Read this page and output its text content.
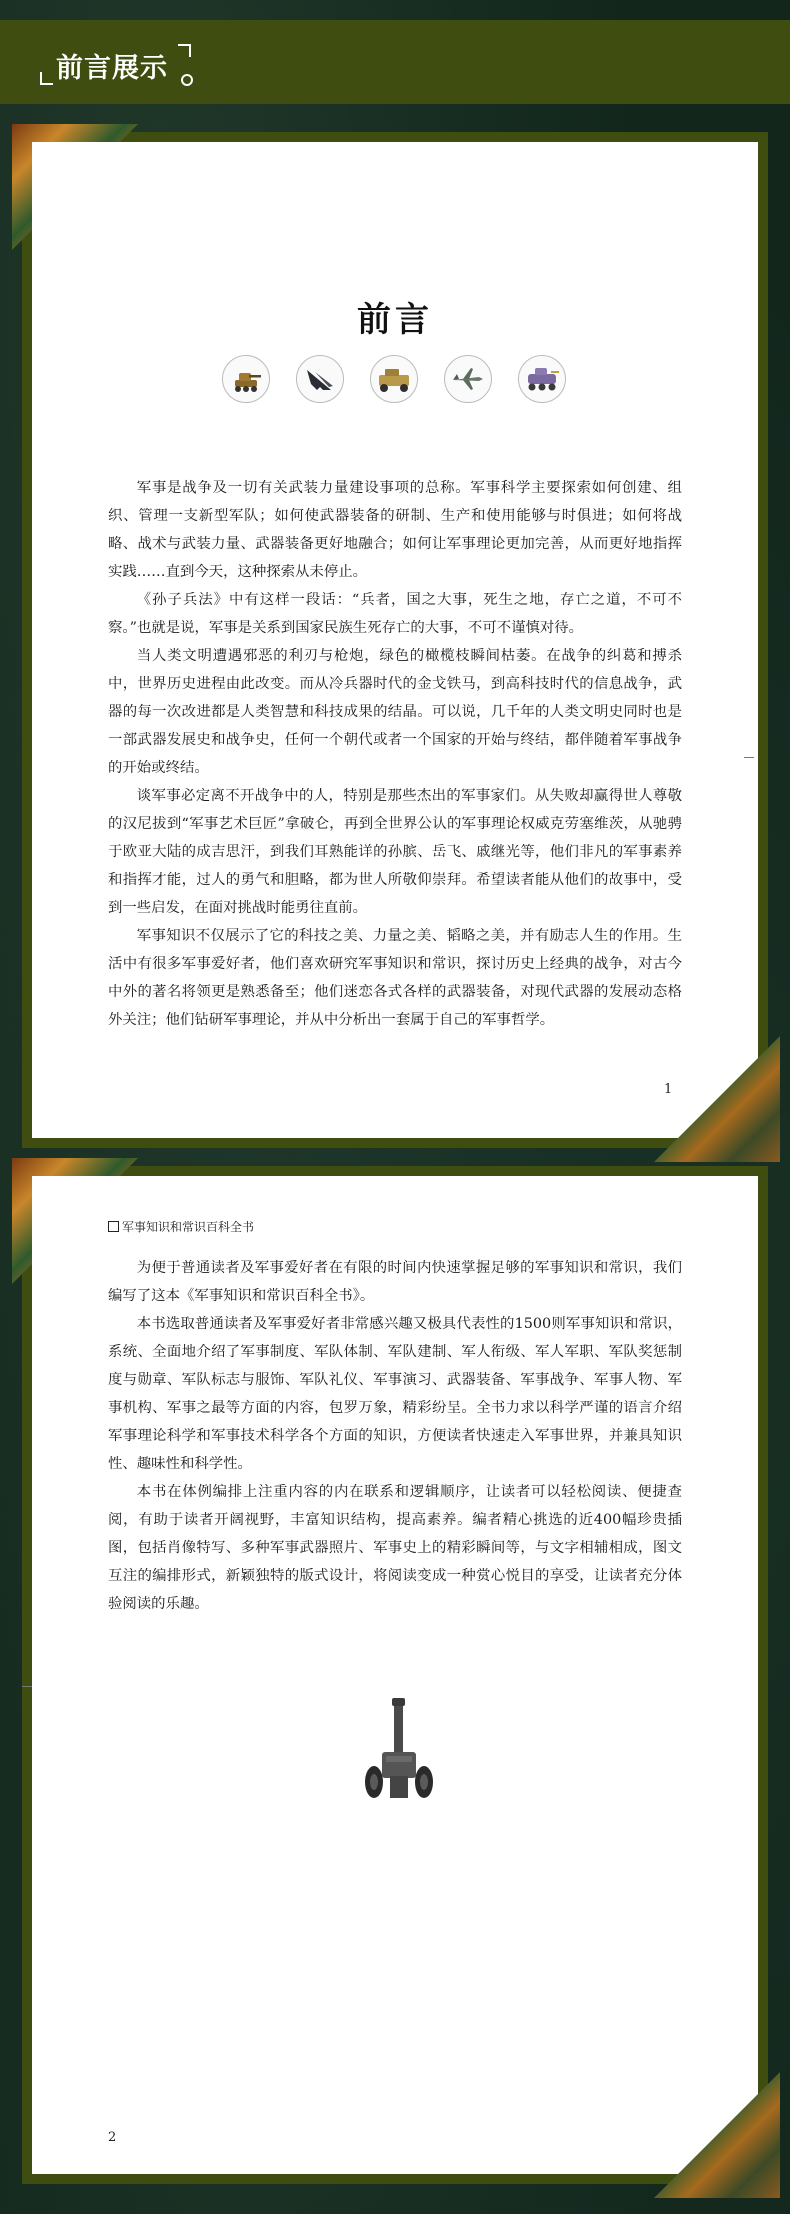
前言展示
前言

军事是战争及一切有关武装力量建设事项的总称。军事科学主要探索如何创建、组织、管理一支新型军队；如何使武器装备的研制、生产和使用能够与时俱进；如何将战略、战术与武装力量、武器装备更好地融合；如何让军事理论更加完善，从而更好地指挥实践……直到今天，这种探索从未停止。

《孙子兵法》中有这样一段话：“兵者，国之大事，死生之地，存亡之道，不可不察。”也就是说，军事是关系到国家民族生死存亡的大事，不可不谨慎对待。

当人类文明遭遇邪恶的利刃与枪炮，绿色的橄榄枝瞬间枯萎。在战争的纠葛和搏杀中，世界历史进程由此改变。而从冷兵器时代的金戈铁马，到高科技时代的信息战争，武器的每一次改进都是人类智慧和科技成果的结晶。可以说，几千年的人类文明史同时也是一部武器发展史和战争史，任何一个朝代或者一个国家的开始与终结，都伴随着军事战争的开始或终结。

谈军事必定离不开战争中的人，特别是那些杰出的军事家们。从失败却赢得世人尊敬的汉尼拔到“军事艺术巨匠”拿破仑，再到全世界公认的军事理论权威克劳塞维茨，从驰骋于欧亚大陆的成吉思汗，到我们耳熟能详的孙膑、岳飞、戚继光等，他们非凡的军事素养和指挥才能，过人的勇气和胆略，都为世人所敬仰崇拜。希望读者能从他们的故事中，受到一些启发，在面对挑战时能勇往直前。

军事知识不仅展示了它的科技之美、力量之美、韬略之美，并有励志人生的作用。生活中有很多军事爱好者，他们喜欢研究军事知识和常识，探讨历史上经典的战争，对古今中外的著名将领更是熟悉备至；他们迷恋各式各样的武器装备，对现代武器的发展动态格外关注；他们钻研军事理论，并从中分析出一套属于自己的军事哲学。

1
军事知识和常识百科全书

为便于普通读者及军事爱好者在有限的时间内快速掌握足够的军事知识和常识，我们编写了这本《军事知识和常识百科全书》。

本书选取普通读者及军事爱好者非常感兴趣又极具代表性的1500则军事知识和常识，系统、全面地介绍了军事制度、军队体制、军队建制、军人衔级、军人军职、军队奖惩制度与勋章、军队标志与服饰、军队礼仪、军事演习、武器装备、军事战争、军事人物、军事机构、军事之最等方面的内容，包罗万象，精彩纷呈。全书力求以科学严谨的语言介绍军事理论科学和军事技术科学各个方面的知识，方便读者快速走入军事世界，并兼具知识性、趣味性和科学性。

本书在体例编排上注重内容的内在联系和逻辑顺序，让读者可以轻松阅读、便捷查阅，有助于读者开阔视野，丰富知识结构，提高素养。编者精心挑选的近400幅珍贵插图，包括肖像特写、多种军事武器照片、军事史上的精彩瞬间等，与文字相辅相成，图文互注的编排形式，新颖独特的版式设计，将阅读变成一种赏心悦目的享受，让读者充分体验阅读的乐趣。

2
